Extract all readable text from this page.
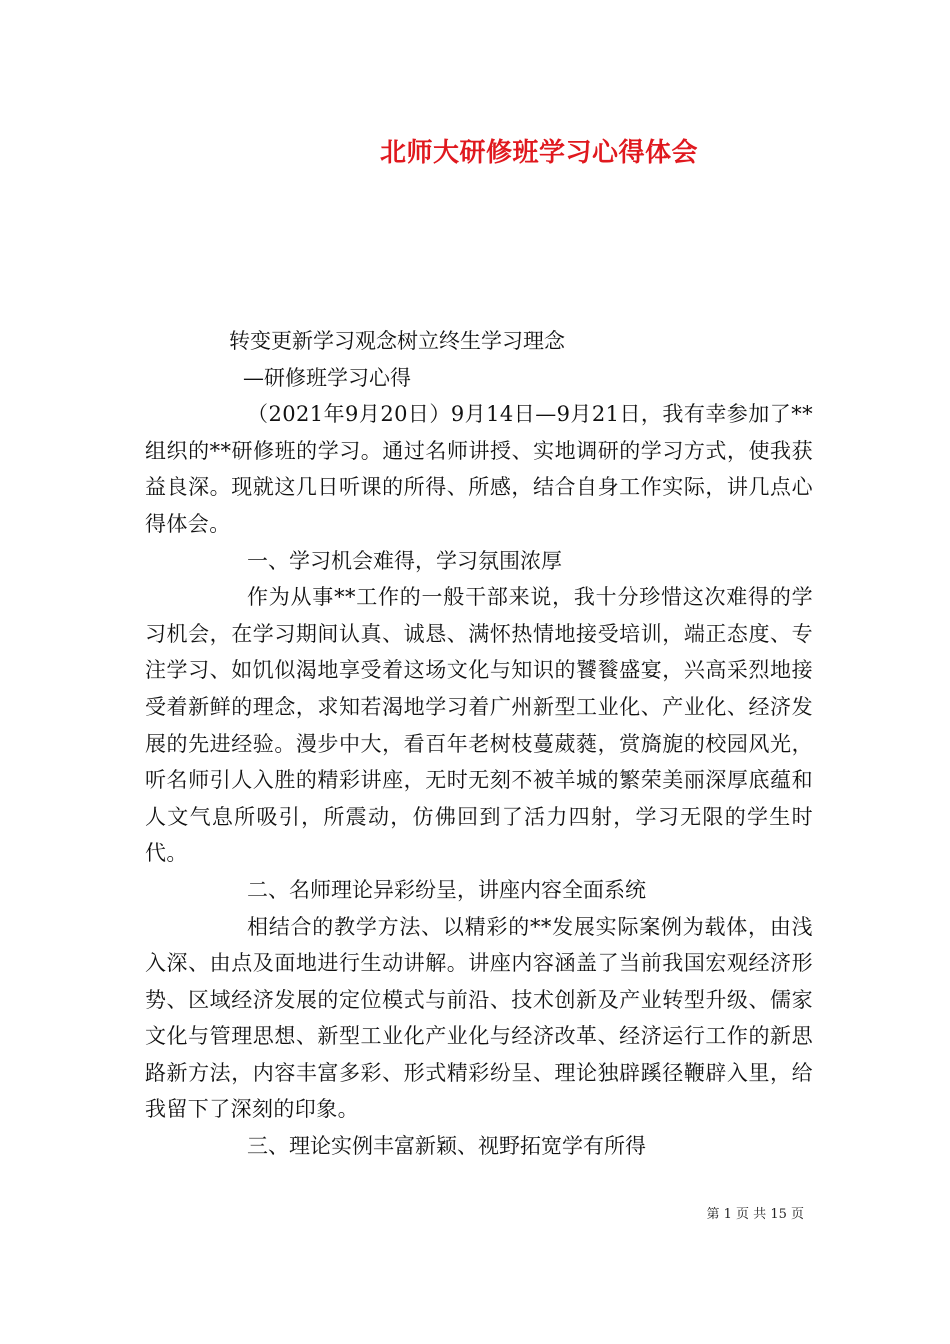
北师大研修班学习心得体会

转变更新学习观念树立终生学习理念

—研修班学习心得

（2021年9月20日）9月14日—9月21日，我有幸参加了**组织的**研修班的学习。通过名师讲授、实地调研的学习方式，使我获益良深。现就这几日听课的所得、所感，结合自身工作实际，讲几点心得体会。

一、学习机会难得，学习氛围浓厚

作为从事**工作的一般干部来说，我十分珍惜这次难得的学习机会，在学习期间认真、诚恳、满怀热情地接受培训，端正态度、专注学习、如饥似渴地享受着这场文化与知识的饕餮盛宴，兴高采烈地接受着新鲜的理念，求知若渴地学习着广州新型工业化、产业化、经济发展的先进经验。漫步中大，看百年老树枝蔓葳蕤，赏旖旎的校园风光，听名师引人入胜的精彩讲座，无时无刻不被羊城的繁荣美丽深厚底蕴和人文气息所吸引，所震动，仿佛回到了活力四射，学习无限的学生时代。

二、名师理论异彩纷呈，讲座内容全面系统

相结合的教学方法、以精彩的**发展实际案例为载体，由浅入深、由点及面地进行生动讲解。讲座内容涵盖了当前我国宏观经济形势、区域经济发展的定位模式与前沿、技术创新及产业转型升级、儒家文化与管理思想、新型工业化产业化与经济改革、经济运行工作的新思路新方法，内容丰富多彩、形式精彩纷呈、理论独辟蹊径鞭辟入里，给我留下了深刻的印象。

三、理论实例丰富新颖、视野拓宽学有所得

第 1 页 共 15 页
